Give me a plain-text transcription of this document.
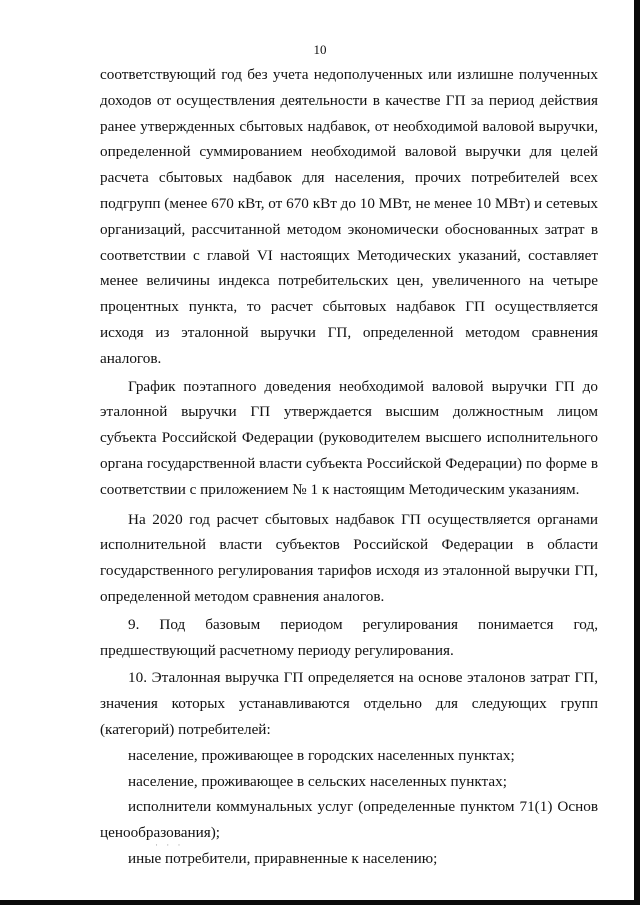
10

соответствующий год без учета недополученных или излишне полученных доходов от осуществления деятельности в качестве ГП за период действия ранее утвержденных сбытовых надбавок, от необходимой валовой выручки, определенной суммированием необходимой валовой выручки для целей расчета сбытовых надбавок для населения, прочих потребителей всех подгрупп (менее 670 кВт, от 670 кВт до 10 МВт, не менее 10 МВт) и сетевых организаций, рассчитанной методом экономически обоснованных затрат в соответствии с главой VI настоящих Методических указаний, составляет менее величины индекса потребительских цен, увеличенного на четыре процентных пункта, то расчет сбытовых надбавок ГП осуществляется исходя из эталонной выручки ГП, определенной методом сравнения аналогов.

График поэтапного доведения необходимой валовой выручки ГП до эталонной выручки ГП утверждается высшим должностным лицом субъекта Российской Федерации (руководителем высшего исполнительного органа государственной власти субъекта Российской Федерации) по форме в соответствии с приложением № 1 к настоящим Методическим указаниям.

На 2020 год расчет сбытовых надбавок ГП осуществляется органами исполнительной власти субъектов Российской Федерации в области государственного регулирования тарифов исходя из эталонной выручки ГП, определенной методом сравнения аналогов.

9. Под базовым периодом регулирования понимается год, предшествующий расчетному периоду регулирования.

10. Эталонная выручка ГП определяется на основе эталонов затрат ГП, значения которых устанавливаются отдельно для следующих групп (категорий) потребителей:

население, проживающее в городских населенных пунктах;

население, проживающее в сельских населенных пунктах;

исполнители коммунальных услуг (определенные пунктом 71(1) Основ ценообразования);

иные потребители, приравненные к населению;

· · ·
